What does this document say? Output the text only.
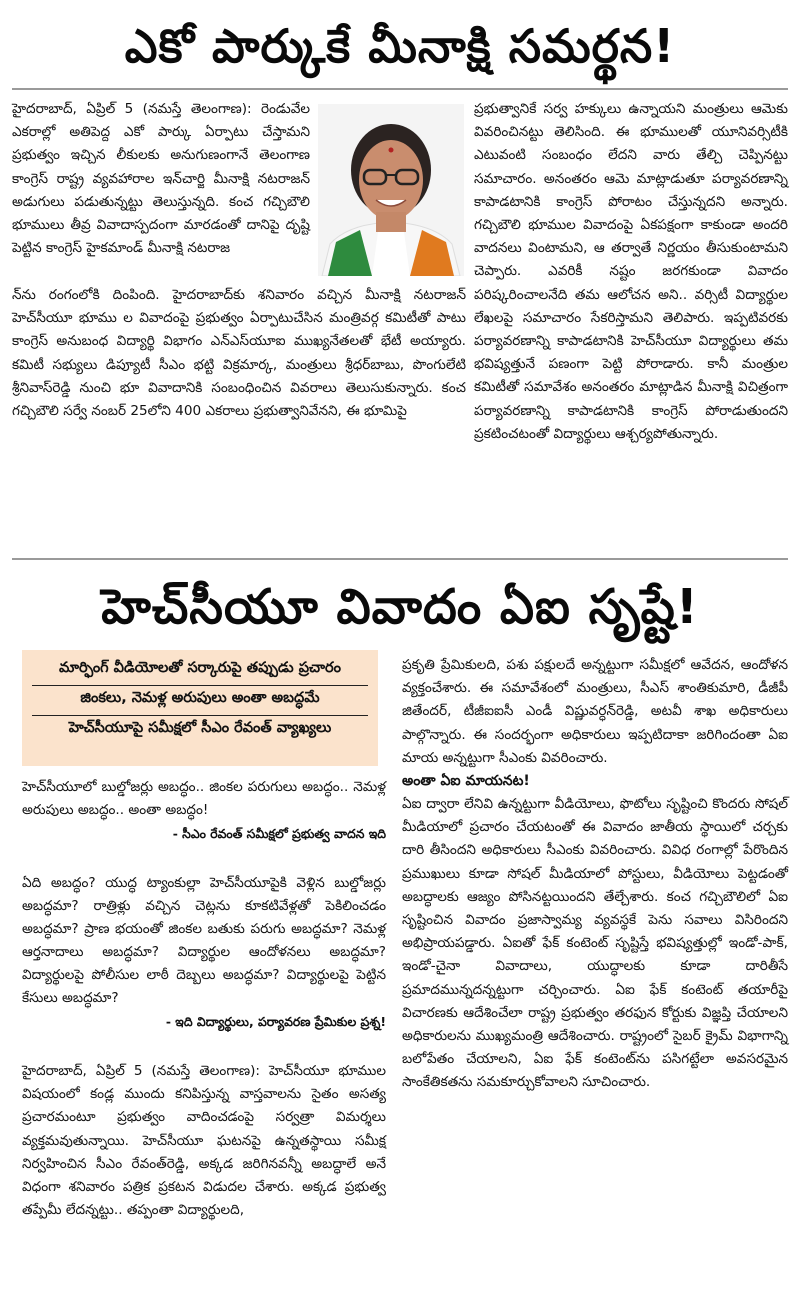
ఎకో పార్కుకే మీనాక్షి సమర్థన!

హైదరాబాద్, ఏప్రిల్ 5 (నమస్తే తెలంగాణ): రెండువేల ఎకరాల్లో అతిపెద్ద ఎకో పార్కు ఏర్పాటు చేస్తామని ప్రభుత్వం ఇచ్చిన లీకులకు అనుగుణంగానే తెలంగాణ కాంగ్రెస్ రాష్ట్ర వ్యవహారాల ఇన్‌చార్జి మీనాక్షి నటరాజన్ అడుగులు పడుతున్నట్టు తెలుస్తున్నది. కంచ గచ్చిబౌలి భూములు తీవ్ర వివాదాస్పదంగా మారడంతో దానిపై దృష్టి పెట్టిన కాంగ్రెస్ హైకమాండ్ మీనాక్షి నటరాజ

న్‌ను రంగంలోకి దింపింది. హైదరాబాద్‌కు శనివారం వచ్చిన మీనాక్షి నటరాజన్ హెచ్‌సీయూ భూము ల వివాదంపై ప్రభుత్వం ఏర్పాటుచేసిన మంత్రివర్గ కమిటీతో పాటు కాంగ్రెస్ అనుబంధ విద్యార్థి విభాగం ఎన్ఎస్‌యూఐ ముఖ్యనేతలతో భేటీ అయ్యారు. కమిటీ సభ్యులు డిప్యూటీ సీఎం భట్టి విక్రమార్క, మంత్రులు శ్రీధర్‌బాబు, పొంగులేటి శ్రీనివాస్‌రెడ్డి నుంచి భూ వివాదానికి సంబంధించిన వివరాలు తెలుసుకున్నారు. కంచ గచ్చిబౌలి సర్వే నంబర్ 25లోని 400 ఎకరాలు ప్రభుత్వానివేనని, ఈ భూమిపై

ప్రభుత్వానికే సర్వ హక్కులు ఉన్నాయని మంత్రులు ఆమెకు వివరించినట్టు తెలిసింది. ఈ భూములతో యూనివర్సిటీకి ఎటువంటి సంబంధం లేదని వారు తేల్చి చెప్పినట్టు సమాచారం. అనంతరం ఆమె మాట్లాడుతూ పర్యావరణాన్ని కాపాడటానికి కాంగ్రెస్ పోరాటం చేస్తున్నదని అన్నారు. గచ్చిబౌలి భూముల వివాదంపై ఏకపక్షంగా కాకుండా అందరి వాదనలు వింటామని, ఆ తర్వాతే నిర్ణయం తీసుకుంటామని చెప్పారు. ఎవరికీ నష్టం జరగకుండా వివాదం పరిష్కరించాలనేది తమ ఆలోచన అని.. వర్సిటీ విద్యార్థుల లేఖలపై సమాచారం సేకరిస్తామని తెలిపారు. ఇప్పటివరకు పర్యావరణాన్ని కాపాడటానికి హెచ్‌సీయూ విద్యార్థులు తమ భవిష్యత్తునే పణంగా పెట్టి పోరాడారు. కానీ మంత్రుల కమిటీతో సమావేశం అనంతరం మాట్లాడిన మీనాక్షి విచిత్రంగా పర్యావరణాన్ని కాపాడటానికి కాంగ్రెస్ పోరాడుతుందని ప్రకటించటంతో విద్యార్థులు ఆశ్చర్యపోతున్నారు.

హెచ్‌సీయూ వివాదం ఏఐ సృష్టే!
మార్ఫింగ్ వీడియోలతో సర్కారుపై తప్పుడు ప్రచారం
జింకలు, నెమళ్ల అరుపులు అంతా అబద్ధమే
హెచ్‌సీయూపై సమీక్షలో సీఎం రేవంత్ వ్యాఖ్యలు

హెచ్‌సీయూలో బుల్డోజర్లు అబద్ధం.. జింకల పరుగులు అబద్ధం.. నెమళ్ల అరుపులు అబద్ధం.. అంతా అబద్ధం!

- సీఎం రేవంత్ సమీక్షలో ప్రభుత్వ వాదన ఇది

ఏది అబద్ధం? యుద్ధ ట్యాంకుల్లా హెచ్‌సీయూపైకి వెళ్లిన బుల్డోజర్లు అబద్ధమా? రాత్రిళ్లు వచ్చిన చెట్లను కూకటివేళ్లతో పెకిలించడం అబద్ధమా? ప్రాణ భయంతో జింకల బతుకు పరుగు అబద్ధమా? నెమళ్ల ఆర్తనాదాలు అబద్ధమా? విద్యార్థుల ఆందోళనలు అబద్ధమా? విద్యార్థులపై పోలీసుల లాఠీ దెబ్బలు అబద్ధమా? విద్యార్థులపై పెట్టిన కేసులు అబద్ధమా?

- ఇది విద్యార్థులు, పర్యావరణ ప్రేమికుల ప్రశ్న!

హైదరాబాద్, ఏప్రిల్ 5 (నమస్తే తెలంగాణ): హెచ్‌సీయూ భూముల విషయంలో కండ్ల ముందు కనిపిస్తున్న వాస్తవాలను సైతం అసత్య ప్రచారమంటూ ప్రభుత్వం వాదించడంపై సర్వత్రా విమర్శలు వ్యక్తమవుతున్నాయి. హెచ్‌సీయూ ఘటనపై ఉన్నతస్థాయి సమీక్ష నిర్వహించిన సీఎం రేవంత్‌రెడ్డి, అక్కడ జరిగినవన్నీ అబద్ధాలే అనే విధంగా శనివారం పత్రిక ప్రకటన విడుదల చేశారు. అక్కడ ప్రభుత్వ తప్పేమీ లేదన్నట్టు.. తప్పంతా విద్యార్థులది,

ప్రకృతి ప్రేమికులది, పశు పక్షులదే అన్నట్టుగా సమీక్షలో ఆవేదన, ఆందోళన వ్యక్తంచేశారు. ఈ సమావేశంలో మంత్రులు, సీఎస్ శాంతికుమారి, డీజీపీ జితేందర్, టీజీఐఐసీ ఎండీ విష్ణువర్ధన్‌రెడ్డి, అటవీ శాఖ అధికారులు పాల్గొన్నారు. ఈ సందర్భంగా అధికారులు ఇప్పటిదాకా జరిగిందంతా ఏఐ మాయ అన్నట్టుగా సీఎంకు వివరించారు.

అంతా ఏఐ మాయనట!

ఏఐ ద్వారా లేనివి ఉన్నట్టుగా వీడియోలు, ఫొటోలు సృష్టించి కొందరు సోషల్ మీడియాలో ప్రచారం చేయటంతో ఈ వివాదం జాతీయ స్థాయిలో చర్చకు దారి తీసిందని అధికారులు సీఎంకు వివరించారు. వివిధ రంగాల్లో పేరొందిన ప్రముఖులు కూడా సోషల్ మీడియాలో పోస్టులు, వీడియోలు పెట్టడంతో అబద్ధాలకు ఆజ్యం పోసినట్టయిందని తేల్చేశారు. కంచ గచ్చిబౌలిలో ఏఐ సృష్టించిన వివాదం ప్రజాస్వామ్య వ్యవస్థకే పెను సవాలు విసిరిందని అభిప్రాయపడ్డారు. ఏఐతో ఫేక్ కంటెంట్ సృష్టిస్తే భవిష్యత్తుల్లో ఇండో-పాక్, ఇండో-చైనా వివాదాలు, యుద్ధాలకు కూడా దారితీసే ప్రమాదమున్నదన్నట్టుగా చర్చించారు. ఏఐ ఫేక్ కంటెంట్ తయారీపై విచారణకు ఆదేశించేలా రాష్ట్ర ప్రభుత్వం తరఫున కోర్టుకు విజ్ఞప్తి చేయాలని అధికారులను ముఖ్యమంత్రి ఆదేశించారు. రాష్ట్రంలో సైబర్ క్రైమ్ విభాగాన్ని బలోపేతం చేయాలని, ఏఐ ఫేక్ కంటెంట్‌ను పసిగట్టేలా అవసరమైన సాంకేతికతను సమకూర్చుకోవాలని సూచించారు.
